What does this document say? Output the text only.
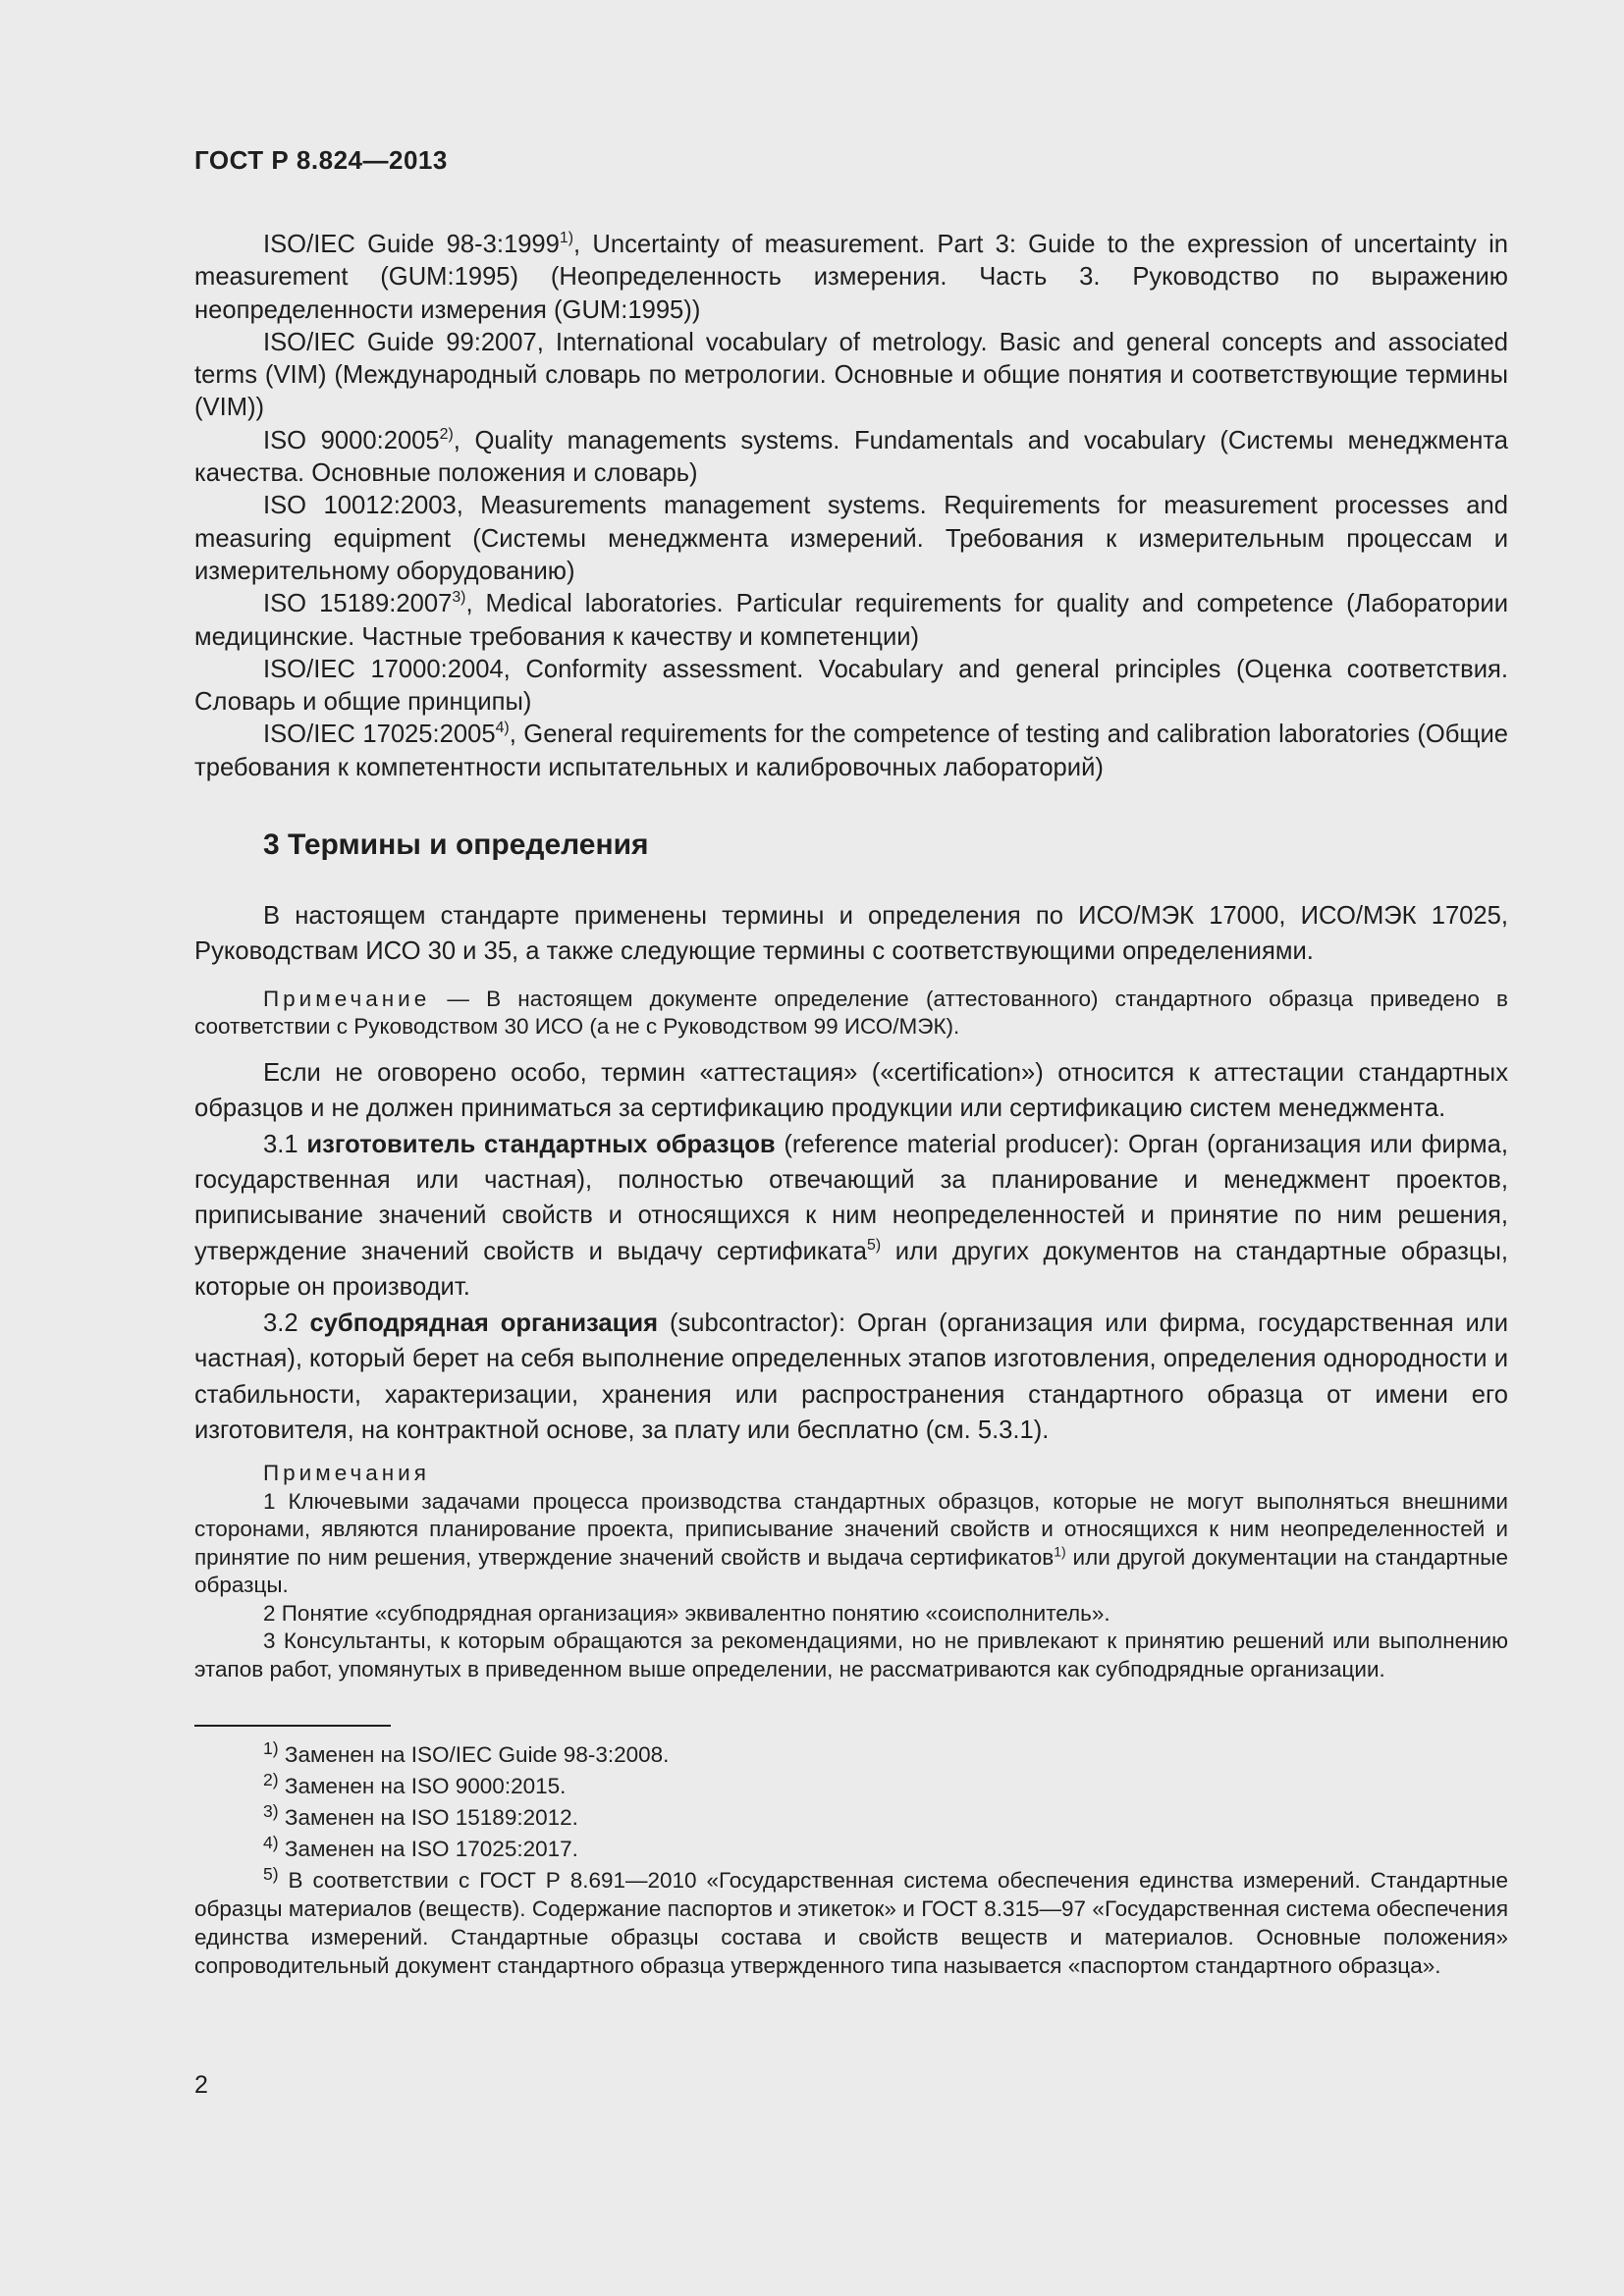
ГОСТ Р 8.824—2013

ISO/IEC Guide 98-3:1999$^{1)}$, Uncertainty of measurement. Part 3: Guide to the expression of uncertainty in measurement (GUM:1995) (Неопределенность измерения. Часть 3. Руководство по выражению неопределенности измерения (GUM:1995))

ISO/IEC Guide 99:2007, International vocabulary of metrology. Basic and general concepts and associated terms (VIM) (Международный словарь по метрологии. Основные и общие понятия и соответствующие термины (VIM))

ISO 9000:2005$^{2)}$, Quality managements systems. Fundamentals and vocabulary (Системы менеджмента качества. Основные положения и словарь)

ISO 10012:2003, Measurements management systems. Requirements for measurement processes and measuring equipment (Системы менеджмента измерений. Требования к измерительным процессам и измерительному оборудованию)

ISO 15189:2007$^{3)}$, Medical laboratories. Particular requirements for quality and competence (Лаборатории медицинские. Частные требования к качеству и компетенции)

ISO/IEC 17000:2004, Conformity assessment. Vocabulary and general principles (Оценка соответствия. Словарь и общие принципы)

ISO/IEC 17025:2005$^{4)}$, General requirements for the competence of testing and calibration laboratories (Общие требования к компетентности испытательных и калибровочных лабораторий)

3 Термины и определения

В настоящем стандарте применены термины и определения по ИСО/МЭК 17000, ИСО/МЭК 17025, Руководствам ИСО 30 и 35, а также следующие термины с соответствующими определениями.

Примечание — В настоящем документе определение (аттестованного) стандартного образца приведено в соответствии с Руководством 30 ИСО (а не с Руководством 99 ИСО/МЭК).

Если не оговорено особо, термин «аттестация» («certification») относится к аттестации стандартных образцов и не должен приниматься за сертификацию продукции или сертификацию систем менеджмента.

3.1 изготовитель стандартных образцов (reference material producer): Орган (организация или фирма, государственная или частная), полностью отвечающий за планирование и менеджмент проектов, приписывание значений свойств и относящихся к ним неопределенностей и принятие по ним решения, утверждение значений свойств и выдачу сертификата$^{5)}$ или других документов на стандартные образцы, которые он производит.

3.2 субподрядная организация (subcontractor): Орган (организация или фирма, государственная или частная), который берет на себя выполнение определенных этапов изготовления, определения однородности и стабильности, характеризации, хранения или распространения стандартного образца от имени его изготовителя, на контрактной основе, за плату или бесплатно (см. 5.3.1).

Примечания

1 Ключевыми задачами процесса производства стандартных образцов, которые не могут выполняться внешними сторонами, являются планирование проекта, приписывание значений свойств и относящихся к ним неопределенностей и принятие по ним решения, утверждение значений свойств и выдача сертификатов$^{1)}$ или другой документации на стандартные образцы.

2 Понятие «субподрядная организация» эквивалентно понятию «соисполнитель».

3 Консультанты, к которым обращаются за рекомендациями, но не привлекают к принятию решений или выполнению этапов работ, упомянутых в приведенном выше определении, не рассматриваются как субподрядные организации.

$^{1)}$ Заменен на ISO/IEC Guide 98-3:2008.

$^{2)}$ Заменен на ISO 9000:2015.

$^{3)}$ Заменен на ISO 15189:2012.

$^{4)}$ Заменен на ISO 17025:2017.

$^{5)}$ В соответствии с ГОСТ Р 8.691—2010 «Государственная система обеспечения единства измерений. Стандартные образцы материалов (веществ). Содержание паспортов и этикеток» и ГОСТ 8.315—97 «Государственная система обеспечения единства измерений. Стандартные образцы состава и свойств веществ и материалов. Основные положения» сопроводительный документ стандартного образца утвержденного типа называется «паспортом стандартного образца».

2
